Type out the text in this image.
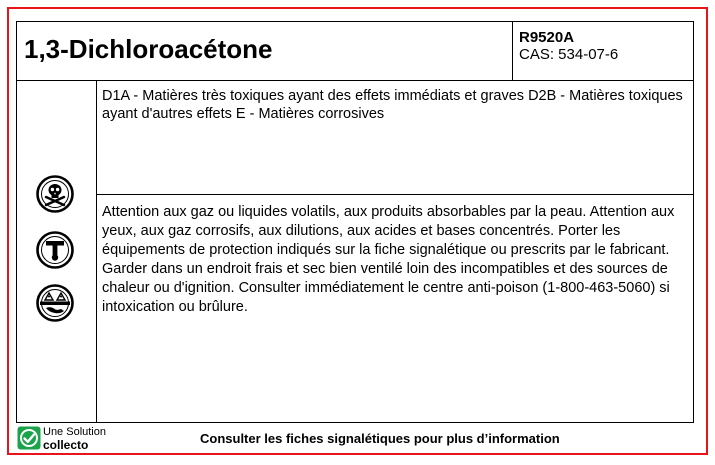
1,3-Dichloroacétone	R9520A
CAS: 534-07-6
D1A - Matières très toxiques ayant des effets immédiats et graves D2B - Matières toxiques ayant d'autres effets E - Matières corrosives
Attention aux gaz ou liquides volatils, aux produits absorbables par la peau. Attention aux yeux, aux gaz corrosifs, aux dilutions, aux acides et bases concentrés. Porter les équipements de protection indiqués sur la fiche signalétique ou prescrits par le fabricant. Garder dans un endroit frais et sec bien ventilé loin des incompatibles et des sources de chaleur ou d'ignition. Consulter immédiatement le centre anti-poison (1-800-463-5060) si intoxication ou brûlure.
Une Solution
collecto	Consulter les fiches signalétiques pour plus d’information
